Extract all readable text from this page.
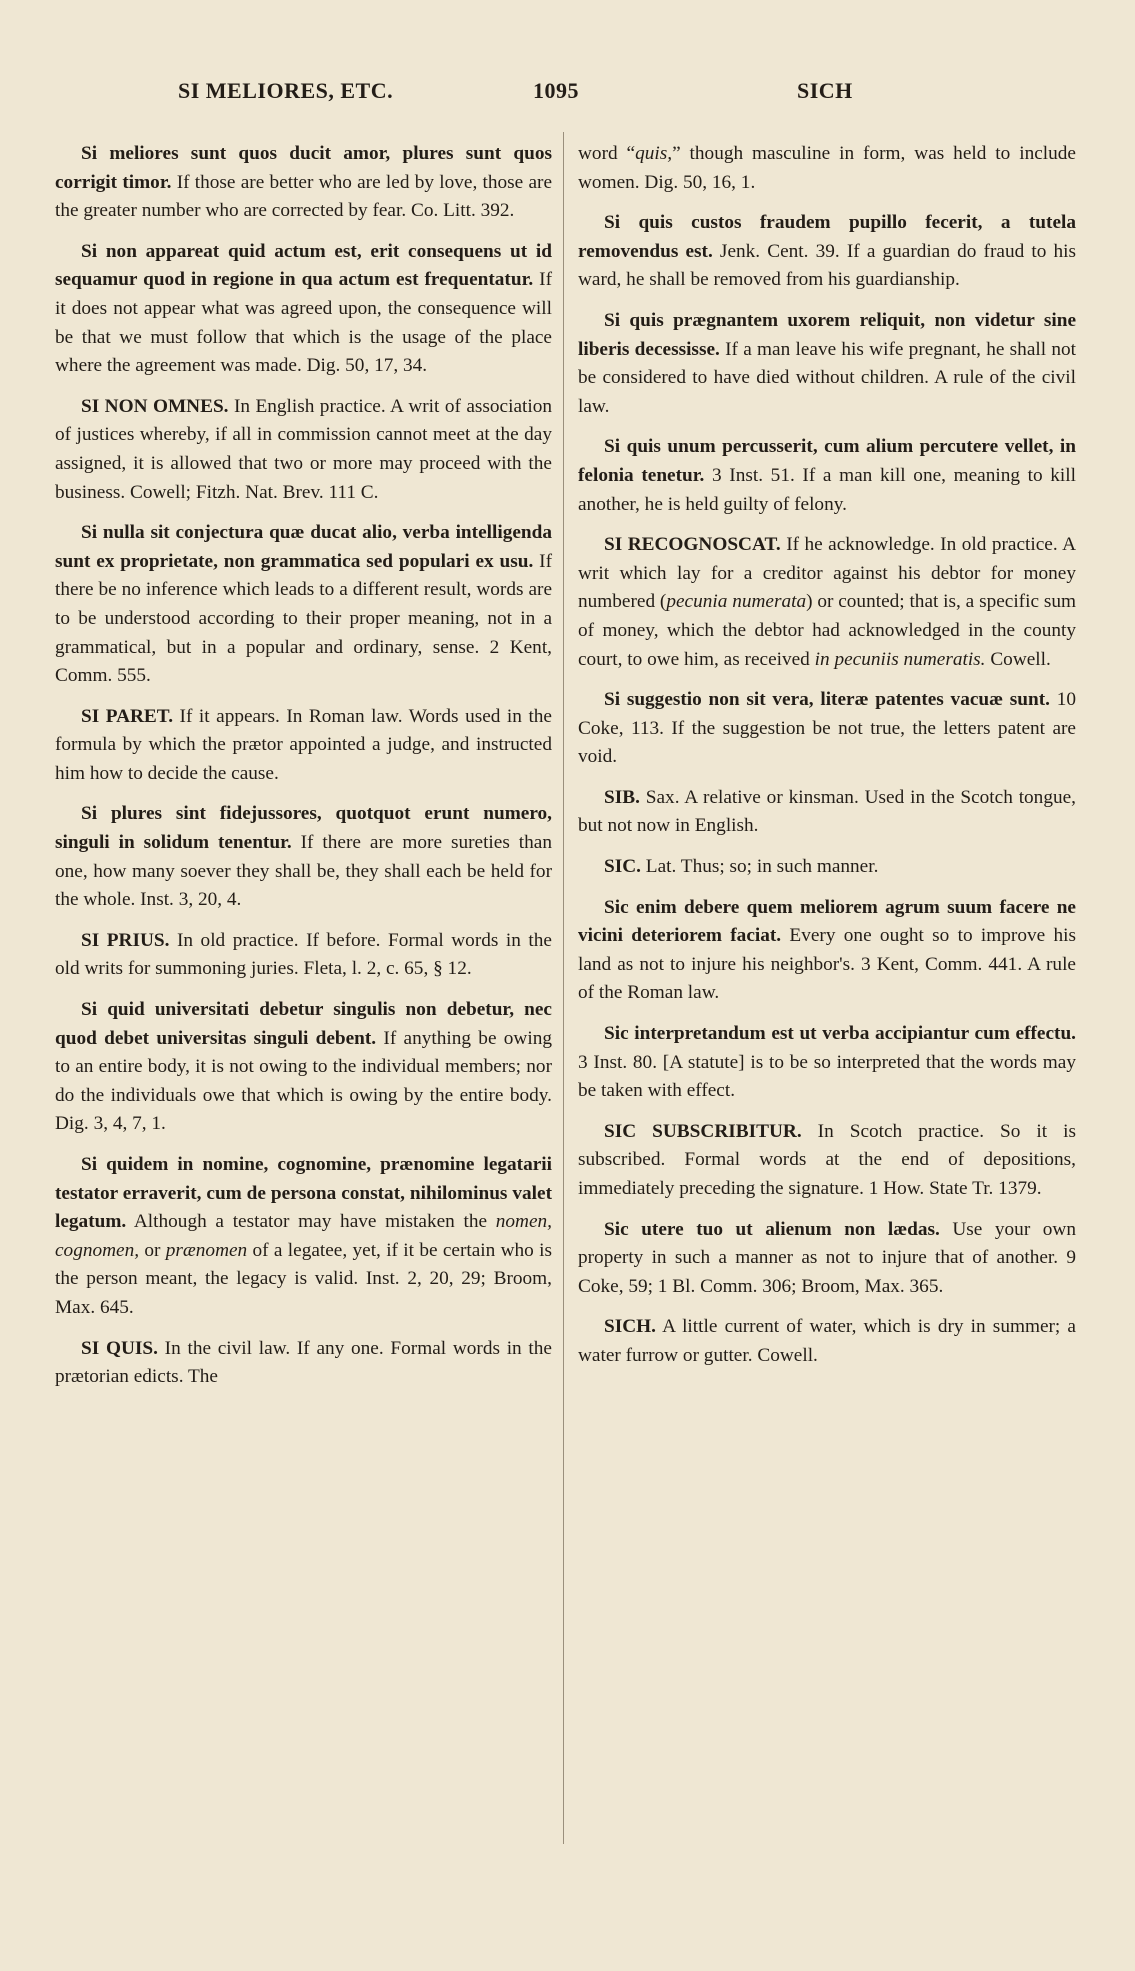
SI MELIORES, ETC.	1095	SICH
Si meliores sunt quos ducit amor, plures sunt quos corrigit timor. If those are better who are led by love, those are the greater number who are corrected by fear. Co. Litt. 392.
Si non appareat quid actum est, erit consequens ut id sequamur quod in regione in qua actum est frequentatur. If it does not appear what was agreed upon, the consequence will be that we must follow that which is the usage of the place where the agreement was made. Dig. 50, 17, 34.
SI NON OMNES. In English practice. A writ of association of justices whereby, if all in commission cannot meet at the day assigned, it is allowed that two or more may proceed with the business. Cowell; Fitzh. Nat. Brev. 111 C.
Si nulla sit conjectura quæ ducat alio, verba intelligenda sunt ex proprietate, non grammatica sed populari ex usu. If there be no inference which leads to a different result, words are to be understood according to their proper meaning, not in a grammatical, but in a popular and ordinary, sense. 2 Kent, Comm. 555.
SI PARET. If it appears. In Roman law. Words used in the formula by which the prætor appointed a judge, and instructed him how to decide the cause.
Si plures sint fidejussores, quotquot erunt numero, singuli in solidum tenentur. If there are more sureties than one, how many soever they shall be, they shall each be held for the whole. Inst. 3, 20, 4.
SI PRIUS. In old practice. If before. Formal words in the old writs for summoning juries. Fleta, l. 2, c. 65, § 12.
Si quid universitati debetur singulis non debetur, nec quod debet universitas singuli debent. If anything be owing to an entire body, it is not owing to the individual members; nor do the individuals owe that which is owing by the entire body. Dig. 3, 4, 7, 1.
Si quidem in nomine, cognomine, prænomine legatarii testator erraverit, cum de persona constat, nihilominus valet legatum. Although a testator may have mistaken the nomen, cognomen, or prænomen of a legatee, yet, if it be certain who is the person meant, the legacy is valid. Inst. 2, 20, 29; Broom, Max. 645.
SI QUIS. In the civil law. If any one. Formal words in the prætorian edicts. The
word “quis,” though masculine in form, was held to include women. Dig. 50, 16, 1.
Si quis custos fraudem pupillo fecerit, a tutela removendus est. Jenk. Cent. 39. If a guardian do fraud to his ward, he shall be removed from his guardianship.
Si quis prægnantem uxorem reliquit, non videtur sine liberis decessisse. If a man leave his wife pregnant, he shall not be considered to have died without children. A rule of the civil law.
Si quis unum percusserit, cum alium percutere vellet, in felonia tenetur. 3 Inst. 51. If a man kill one, meaning to kill another, he is held guilty of felony.
SI RECOGNOSCAT. If he acknowledge. In old practice. A writ which lay for a creditor against his debtor for money numbered (pecunia numerata) or counted; that is, a specific sum of money, which the debtor had acknowledged in the county court, to owe him, as received in pecuniis numeratis. Cowell.
Si suggestio non sit vera, literæ patentes vacuæ sunt. 10 Coke, 113. If the suggestion be not true, the letters patent are void.
SIB. Sax. A relative or kinsman. Used in the Scotch tongue, but not now in English.
SIC. Lat. Thus; so; in such manner.
Sic enim debere quem meliorem agrum suum facere ne vicini deteriorem faciat. Every one ought so to improve his land as not to injure his neighbor's. 3 Kent, Comm. 441. A rule of the Roman law.
Sic interpretandum est ut verba accipiantur cum effectu. 3 Inst. 80. [A statute] is to be so interpreted that the words may be taken with effect.
SIC SUBSCRIBITUR. In Scotch practice. So it is subscribed. Formal words at the end of depositions, immediately preceding the signature. 1 How. State Tr. 1379.
Sic utere tuo ut alienum non lædas. Use your own property in such a manner as not to injure that of another. 9 Coke, 59; 1 Bl. Comm. 306; Broom, Max. 365.
SICH. A little current of water, which is dry in summer; a water furrow or gutter. Cowell.
